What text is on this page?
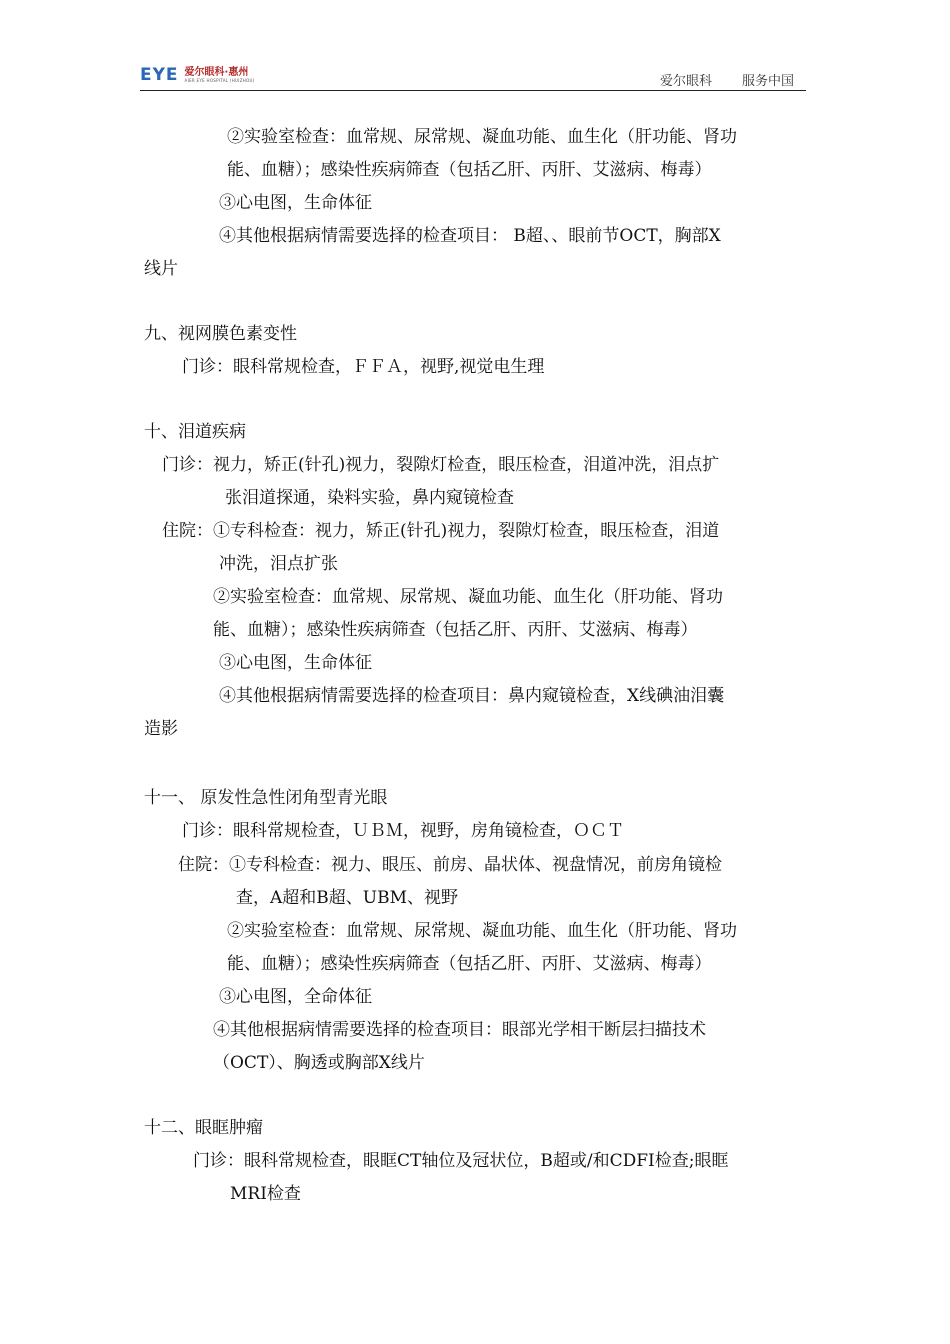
EYE 爱尔眼科·惠州
AIER EYE HOSPITAL (HUIZHOU)	爱尔眼科 服务中国
②实验室检查：血常规、尿常规、凝血功能、血生化（肝功能、肾功
能、血糖）；感染性疾病筛查（包括乙肝、丙肝、艾滋病、梅毒）
③心电图，生命体征
④其他根据病情需要选择的检查项目： B超、、眼前节OCT，胸部X
线片
九、视网膜色素变性
门诊：眼科常规检查，ＦＦＡ，视野,视觉电生理
十、泪道疾病
门诊：视力，矫正(针孔)视力，裂隙灯检查，眼压检查，泪道冲洗，泪点扩
张泪道探通，染料实验，鼻内窥镜检查
住院：①专科检查：视力，矫正(针孔)视力，裂隙灯检查，眼压检查，泪道
冲洗，泪点扩张
②实验室检查：血常规、尿常规、凝血功能、血生化（肝功能、肾功
能、血糖）；感染性疾病筛查（包括乙肝、丙肝、艾滋病、梅毒）
③心电图，生命体征
④其他根据病情需要选择的检查项目：鼻内窥镜检查，X线碘油泪囊
造影
十一、 原发性急性闭角型青光眼
门诊：眼科常规检查，ＵＢＭ，视野，房角镜检查，ＯＣＴ
住院：①专科检查：视力、眼压、前房、晶状体、视盘情况，前房角镜检
查，A超和B超、UBM、视野
②实验室检查：血常规、尿常规、凝血功能、血生化（肝功能、肾功
能、血糖）；感染性疾病筛查（包括乙肝、丙肝、艾滋病、梅毒）
③心电图，全命体征
④其他根据病情需要选择的检查项目：眼部光学相干断层扫描技术
（OCT）、胸透或胸部X线片
十二、眼眶肿瘤
门诊：眼科常规检查，眼眶CT轴位及冠状位，B超或/和CDFI检查;眼眶
MRI检查
